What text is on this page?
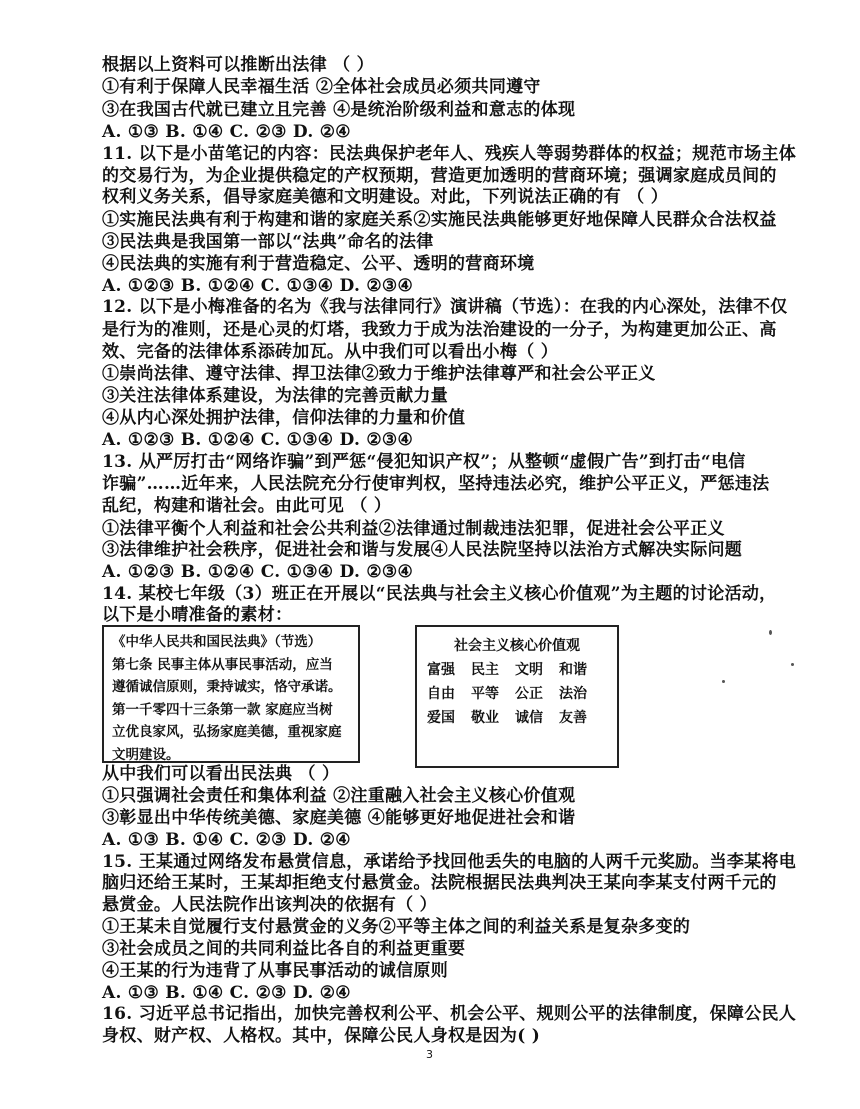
根据以上资料可以推断出法律 （ ）
①有利于保障人民幸福生活 ②全体社会成员必须共同遵守
③在我国古代就已建立且完善 ④是统治阶级利益和意志的体现
A. ①③ B. ①④ C. ②③ D. ②④
11. 以下是小苗笔记的内容：民法典保护老年人、残疾人等弱势群体的权益；规范市场主体
的交易行为，为企业提供稳定的产权预期，营造更加透明的营商环境；强调家庭成员间的
权利义务关系，倡导家庭美德和文明建设。对此，下列说法正确的有 （ ）
①实施民法典有利于构建和谐的家庭关系②实施民法典能够更好地保障人民群众合法权益
③民法典是我国第一部以“法典”命名的法律
④民法典的实施有利于营造稳定、公平、透明的营商环境
A. ①②③ B. ①②④ C. ①③④ D. ②③④
12. 以下是小梅准备的名为《我与法律同行》演讲稿（节选）：在我的内心深处，法律不仅
是行为的准则，还是心灵的灯塔，我致力于成为法治建设的一分子，为构建更加公正、高
效、完备的法律体系添砖加瓦。从中我们可以看出小梅（ ）
①崇尚法律、遵守法律、捍卫法律②致力于维护法律尊严和社会公平正义
③关注法律体系建设，为法律的完善贡献力量
④从内心深处拥护法律，信仰法律的力量和价值
A. ①②③ B. ①②④ C. ①③④ D. ②③④
13. 从严厉打击“网络诈骗”到严惩“侵犯知识产权”；从整顿“虚假广告”到打击“电信
诈骗”……近年来，人民法院充分行使审判权，坚持违法必究，维护公平正义，严惩违法
乱纪，构建和谐社会。由此可见 （ ）
①法律平衡个人利益和社会公共利益②法律通过制裁违法犯罪，促进社会公平正义
③法律维护社会秩序，促进社会和谐与发展④人民法院坚持以法治方式解决实际问题
A. ①②③ B. ①②④ C. ①③④ D. ②③④
14. 某校七年级（3）班正在开展以“民法典与社会主义核心价值观”为主题的讨论活动，
以下是小晴准备的素材：
《中华人民共和国民法典》（节选）
第七条 民事主体从事民事活动，应当
遵循诚信原则，秉持诚实，恪守承诺。
第一千零四十三条第一款 家庭应当树
立优良家风，弘扬家庭美德，重视家庭
文明建设。
社会主义核心价值观
富强 民主 文明 和谐
自由 平等 公正 法治
爱国 敬业 诚信 友善
从中我们可以看出民法典 （ ）
①只强调社会责任和集体利益 ②注重融入社会主义核心价值观
③彰显出中华传统美德、家庭美德 ④能够更好地促进社会和谐
A. ①③ B. ①④ C. ②③ D. ②④
15. 王某通过网络发布悬赏信息，承诺给予找回他丢失的电脑的人两千元奖励。当李某将电
脑归还给王某时，王某却拒绝支付悬赏金。法院根据民法典判决王某向李某支付两千元的
悬赏金。人民法院作出该判决的依据有（ ）
①王某未自觉履行支付悬赏金的义务②平等主体之间的利益关系是复杂多变的
③社会成员之间的共同利益比各自的利益更重要
④王某的行为违背了从事民事活动的诚信原则
A. ①③ B. ①④ C. ②③ D. ②④
16. 习近平总书记指出，加快完善权利公平、机会公平、规则公平的法律制度，保障公民人
身权、财产权、人格权。其中，保障公民人身权是因为( )
3
